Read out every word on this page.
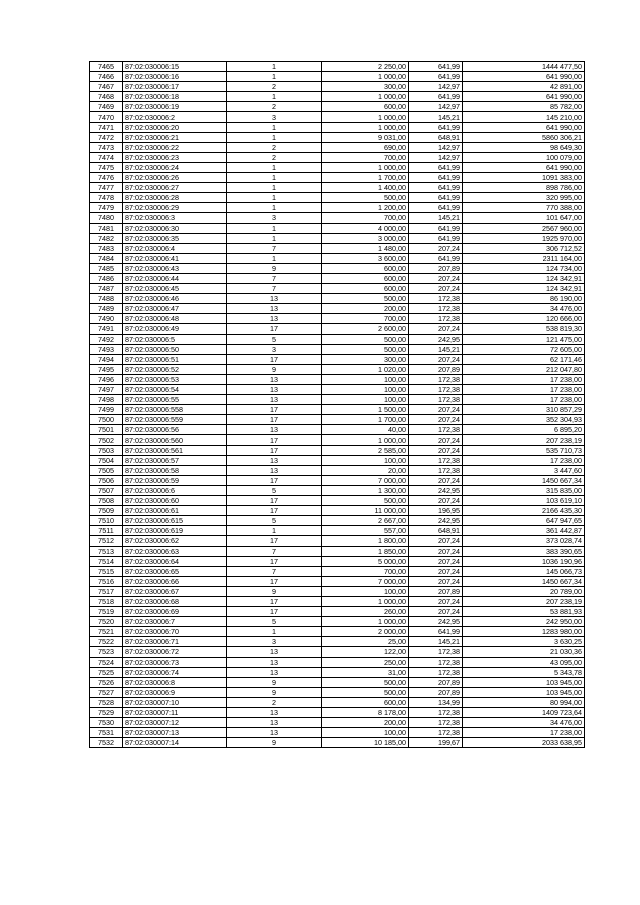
7465	87:02:030006:15	1	2 250,00	641,99	1444 477,50
7466	87:02:030006:16	1	1 000,00	641,99	641 990,00
7467	87:02:030006:17	2	300,00	142,97	42 891,00
7468	87:02:030006:18	1	1 000,00	641,99	641 990,00
7469	87:02:030006:19	2	600,00	142,97	85 782,00
7470	87:02:030006:2	3	1 000,00	145,21	145 210,00
7471	87:02:030006:20	1	1 000,00	641,99	641 990,00
7472	87:02:030006:21	1	9 031,00	648,91	5860 306,21
7473	87:02:030006:22	2	690,00	142,97	98 649,30
7474	87:02:030006:23	2	700,00	142,97	100 079,00
7475	87:02:030006:24	1	1 000,00	641,99	641 990,00
7476	87:02:030006:26	1	1 700,00	641,99	1091 383,00
7477	87:02:030006:27	1	1 400,00	641,99	898 786,00
7478	87:02:030006:28	1	500,00	641,99	320 995,00
7479	87:02:030006:29	1	1 200,00	641,99	770 388,00
7480	87:02:030006:3	3	700,00	145,21	101 647,00
7481	87:02:030006:30	1	4 000,00	641,99	2567 960,00
7482	87:02:030006:35	1	3 000,00	641,99	1925 970,00
7483	87:02:030006:4	7	1 480,00	207,24	306 712,52
7484	87:02:030006:41	1	3 600,00	641,99	2311 164,00
7485	87:02:030006:43	9	600,00	207,89	124 734,00
7486	87:02:030006:44	7	600,00	207,24	124 342,91
7487	87:02:030006:45	7	600,00	207,24	124 342,91
7488	87:02:030006:46	13	500,00	172,38	86 190,00
7489	87:02:030006:47	13	200,00	172,38	34 476,00
7490	87:02:030006:48	13	700,00	172,38	120 666,00
7491	87:02:030006:49	17	2 600,00	207,24	538 819,30
7492	87:02:030006:5	5	500,00	242,95	121 475,00
7493	87:02:030006:50	3	500,00	145,21	72 605,00
7494	87:02:030006:51	17	300,00	207,24	62 171,46
7495	87:02:030006:52	9	1 020,00	207,89	212 047,80
7496	87:02:030006:53	13	100,00	172,38	17 238,00
7497	87:02:030006:54	13	100,00	172,38	17 238,00
7498	87:02:030006:55	13	100,00	172,38	17 238,00
7499	87:02:030006:558	17	1 500,00	207,24	310 857,29
7500	87:02:030006:559	17	1 700,00	207,24	352 304,93
7501	87:02:030006:56	13	40,00	172,38	6 895,20
7502	87:02:030006:560	17	1 000,00	207,24	207 238,19
7503	87:02:030006:561	17	2 585,00	207,24	535 710,73
7504	87:02:030006:57	13	100,00	172,38	17 238,00
7505	87:02:030006:58	13	20,00	172,38	3 447,60
7506	87:02:030006:59	17	7 000,00	207,24	1450 667,34
7507	87:02:030006:6	5	1 300,00	242,95	315 835,00
7508	87:02:030006:60	17	500,00	207,24	103 619,10
7509	87:02:030006:61	17	11 000,00	196,95	2166 435,30
7510	87:02:030006:615	5	2 667,00	242,95	647 947,65
7511	87:02:030006:619	1	557,00	648,91	361 442,87
7512	87:02:030006:62	17	1 800,00	207,24	373 028,74
7513	87:02:030006:63	7	1 850,00	207,24	383 390,65
7514	87:02:030006:64	17	5 000,00	207,24	1036 190,96
7515	87:02:030006:65	7	700,00	207,24	145 066,73
7516	87:02:030006:66	17	7 000,00	207,24	1450 667,34
7517	87:02:030006:67	9	100,00	207,89	20 789,00
7518	87:02:030006:68	17	1 000,00	207,24	207 238,19
7519	87:02:030006:69	17	260,00	207,24	53 881,93
7520	87:02:030006:7	5	1 000,00	242,95	242 950,00
7521	87:02:030006:70	1	2 000,00	641,99	1283 980,00
7522	87:02:030006:71	3	25,00	145,21	3 630,25
7523	87:02:030006:72	13	122,00	172,38	21 030,36
7524	87:02:030006:73	13	250,00	172,38	43 095,00
7525	87:02:030006:74	13	31,00	172,38	5 343,78
7526	87:02:030006:8	9	500,00	207,89	103 945,00
7527	87:02:030006:9	9	500,00	207,89	103 945,00
7528	87:02:030007:10	2	600,00	134,99	80 994,00
7529	87:02:030007:11	13	8 178,00	172,38	1409 723,64
7530	87:02:030007:12	13	200,00	172,38	34 476,00
7531	87:02:030007:13	13	100,00	172,38	17 238,00
7532	87:02:030007:14	9	10 185,00	199,67	2033 638,95
